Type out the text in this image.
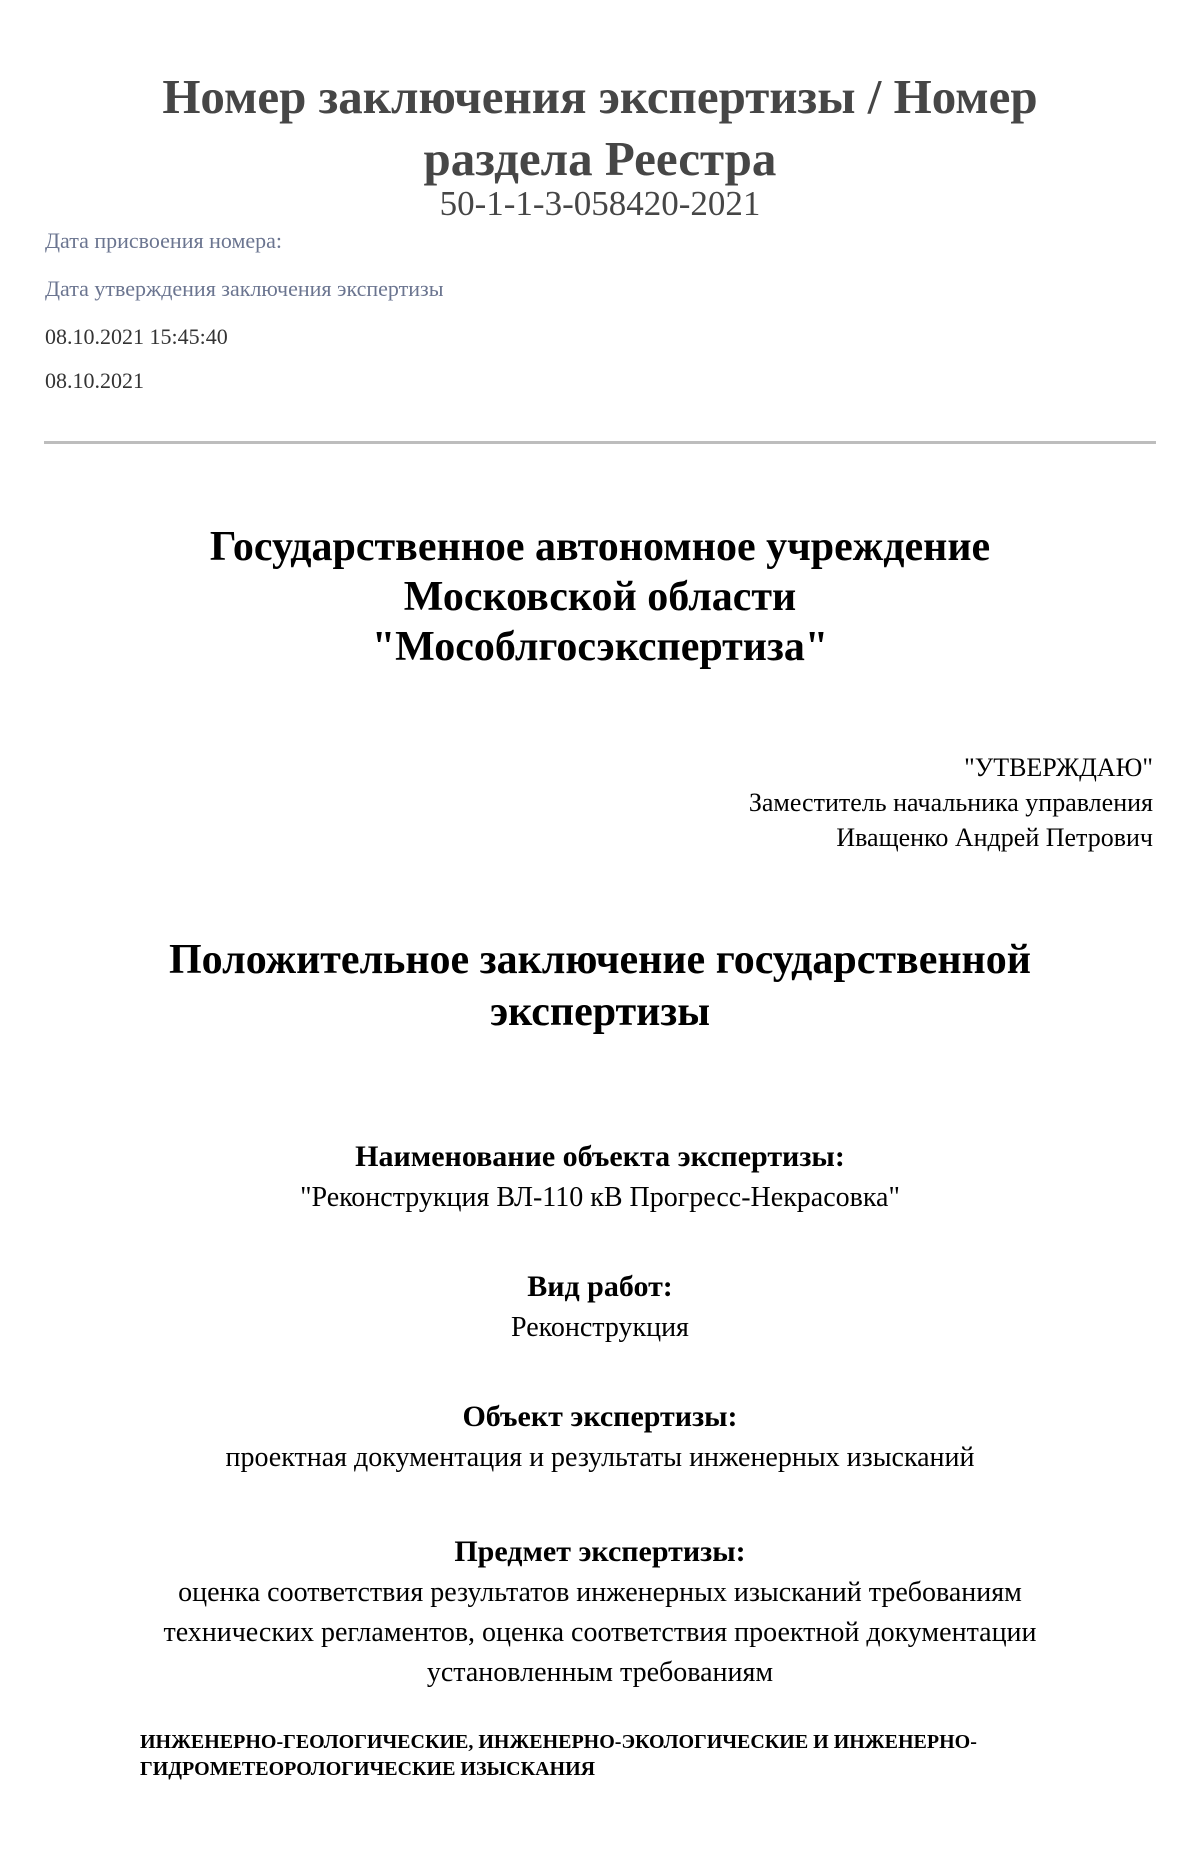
Номер заключения экспертизы / Номер
раздела Реестра
50-1-1-3-058420-2021
Дата присвоения номера:
Дата утверждения заключения экспертизы
08.10.2021 15:45:40
08.10.2021
Государственное автономное учреждение
Московской области
"Мособлгосэкспертиза"
"УТВЕРЖДАЮ"
Заместитель начальника управления
Иващенко Андрей Петрович
Положительное заключение государственной
экспертизы
Наименование объекта экспертизы:
"Реконструкция ВЛ-110 кВ Прогресс-Некрасовка"
Вид работ:
Реконструкция
Объект экспертизы:
проектная документация и результаты инженерных изысканий
Предмет экспертизы:
оценка соответствия результатов инженерных изысканий требованиям
технических регламентов, оценка соответствия проектной документации
установленным требованиям
ИНЖЕНЕРНО-ГЕОЛОГИЧЕСКИЕ, ИНЖЕНЕРНО-ЭКОЛОГИЧЕСКИЕ И ИНЖЕНЕРНО-
ГИДРОМЕТЕОРОЛОГИЧЕСКИЕ ИЗЫСКАНИЯ
